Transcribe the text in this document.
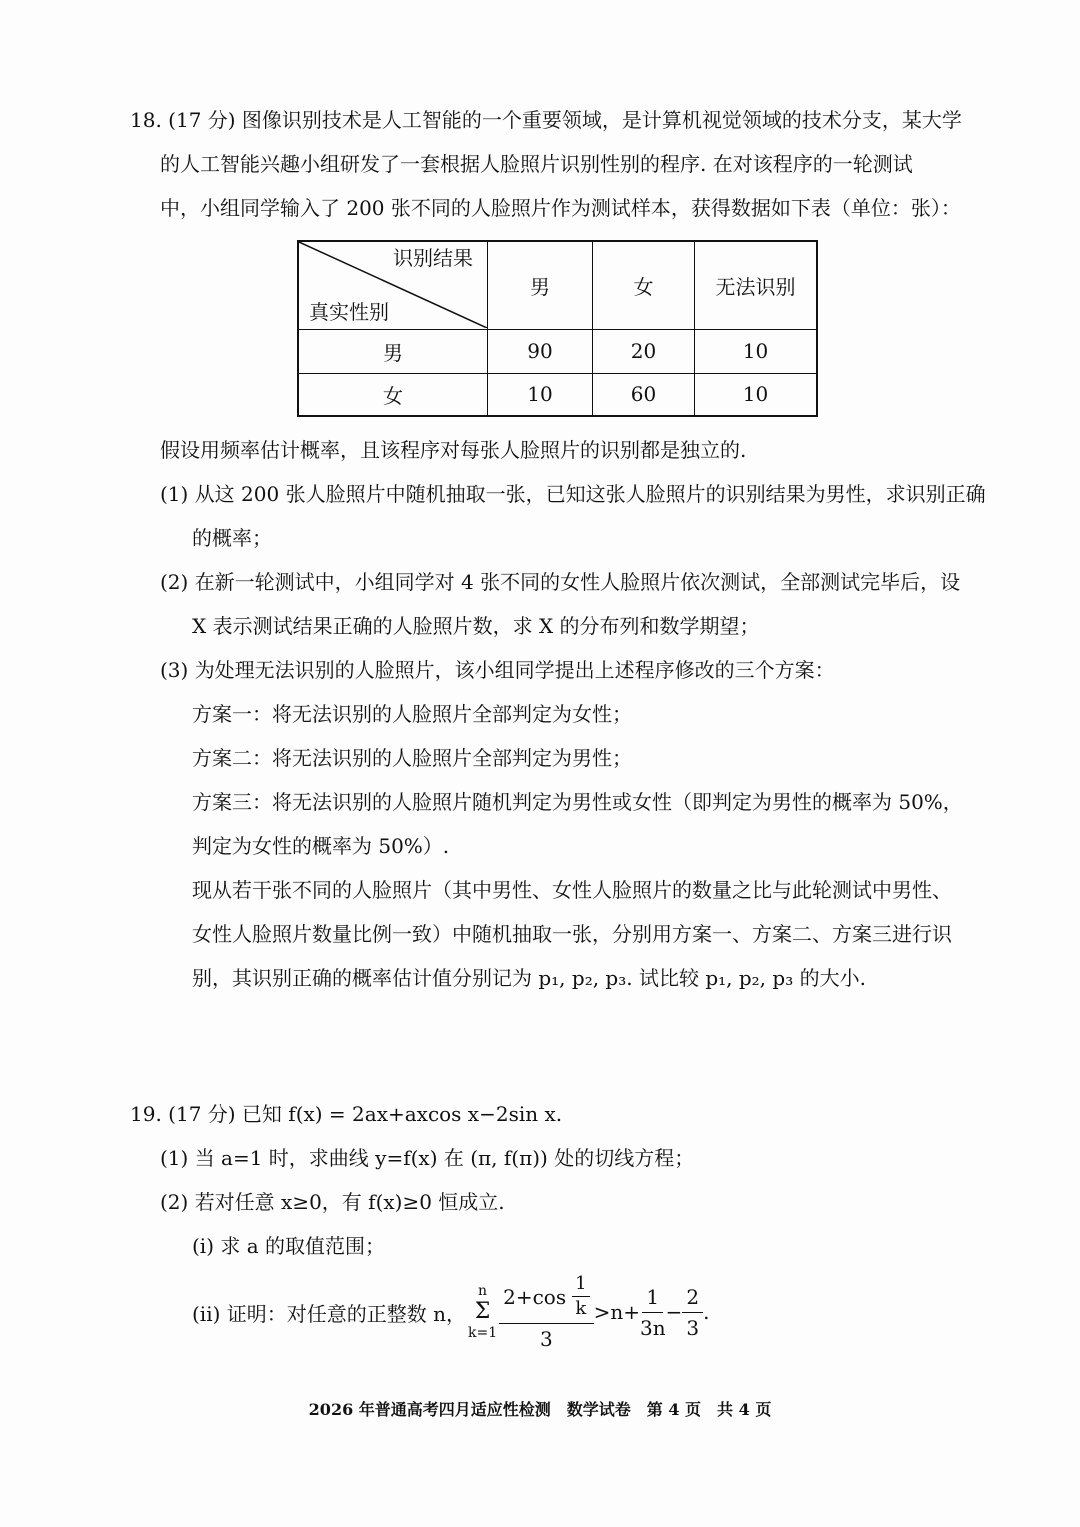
18. (17 分) 图像识别技术是人工智能的一个重要领域，是计算机视觉领域的技术分支，某大学
的人工智能兴趣小组研发了一套根据人脸照片识别性别的程序. 在对该程序的一轮测试
中，小组同学输入了 200 张不同的人脸照片作为测试样本，获得数据如下表（单位：张）：
识别结果
真实性别	男	女	无法识别
男	90	20	10
女	10	60	10
假设用频率估计概率，且该程序对每张人脸照片的识别都是独立的.
(1) 从这 200 张人脸照片中随机抽取一张，已知这张人脸照片的识别结果为男性，求识别正确
的概率；
(2) 在新一轮测试中，小组同学对 4 张不同的女性人脸照片依次测试，全部测试完毕后，设
X 表示测试结果正确的人脸照片数，求 X 的分布列和数学期望；
(3) 为处理无法识别的人脸照片，该小组同学提出上述程序修改的三个方案：
方案一：将无法识别的人脸照片全部判定为女性；
方案二：将无法识别的人脸照片全部判定为男性；
方案三：将无法识别的人脸照片随机判定为男性或女性（即判定为男性的概率为 50%，
判定为女性的概率为 50%）.
现从若干张不同的人脸照片（其中男性、女性人脸照片的数量之比与此轮测试中男性、
女性人脸照片数量比例一致）中随机抽取一张，分别用方案一、方案二、方案三进行识
别，其识别正确的概率估计值分别记为 p₁, p₂, p₃. 试比较 p₁, p₂, p₃ 的大小.
19. (17 分) 已知 f(x) = 2ax+axcos x−2sin x.
(1) 当 a=1 时，求曲线 y=f(x) 在 (π, f(π)) 处的切线方程；
(2) 若对任意 x≥0，有 f(x)≥0 恒成立.
(i) 求 a 的取值范围；
(ii) 证明：对任意的正整数 n，
n
Σ
$k=1 \frac{2+\cos \frac{1}{k}}{3} >n+ \frac{1}{3n} - \frac{2}{3}$ .
2026 年普通高考四月适应性检测　数学试卷　第 4 页　共 4 页
